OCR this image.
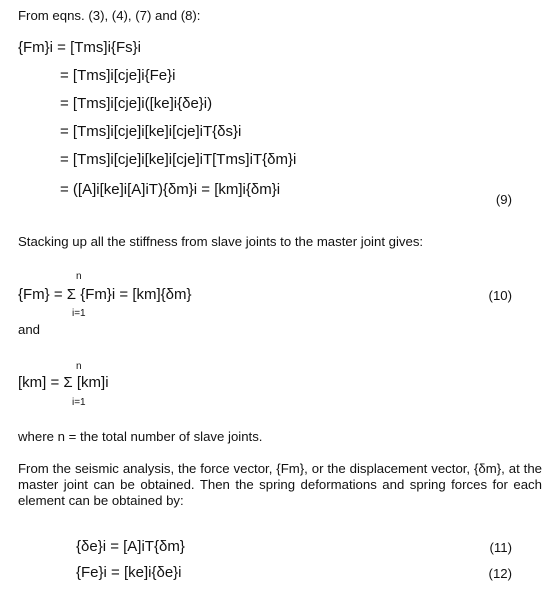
From eqns. (3), (4), (7) and (8):
{Fm}i = [Tms]i{Fs}i
= [Tms]i[cje]i{Fe}i
= [Tms]i[cje]i([ke]i{δe}i)
= [Tms]i[cje]i[ke]i[cje]iT{δs}i
= [Tms]i[cje]i[ke]i[cje]iT[Tms]iT{δm}i
= ([A]i[ke]i[A]iT){δm}i = [km]i{δm}i
(9)
Stacking up all the stiffness from slave joints to the master joint gives:
n
{Fm} = Σ {Fm}i = [km]{δm}
i=1
(10)
and
n
[km] = Σ [km]i
i=1
where n = the total number of slave joints.
From the seismic analysis, the force vector, {Fm}, or the displacement vector, {δm}, at the master joint can be obtained. Then the spring deformations and spring forces for each element can be obtained by:
{δe}i = [A]iT{δm}	(11)
{Fe}i = [ke]i{δe}i	(12)
